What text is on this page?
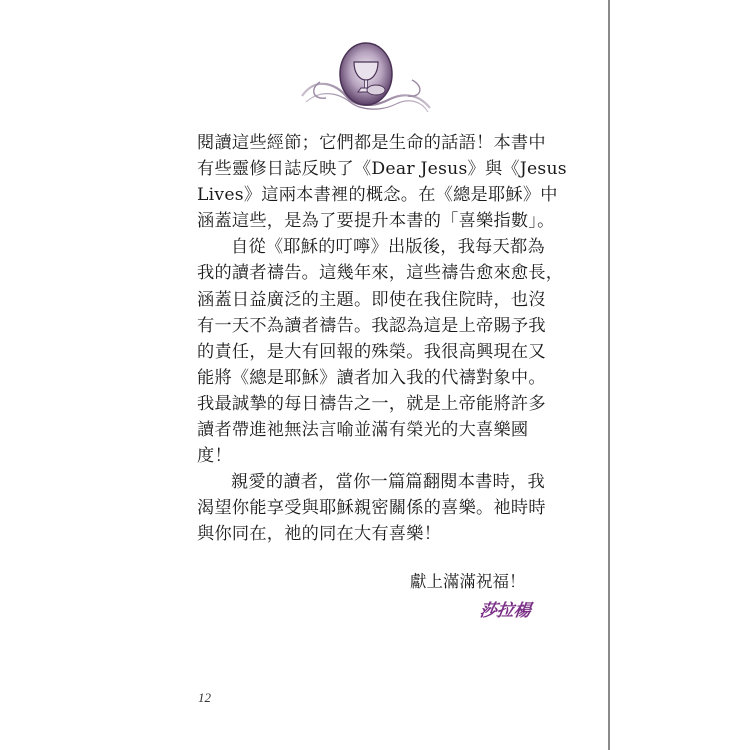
閱讀這些經節；它們都是生命的話語！本書中
有些靈修日誌反映了《Dear Jesus》與《Jesus
Lives》這兩本書裡的概念。在《總是耶穌》中
涵蓋這些，是為了要提升本書的「喜樂指數」。
自從《耶穌的叮嚀》出版後，我每天都為
我的讀者禱告。這幾年來，這些禱告愈來愈長，
涵蓋日益廣泛的主題。即使在我住院時，也沒
有一天不為讀者禱告。我認為這是上帝賜予我
的責任，是大有回報的殊榮。我很高興現在又
能將《總是耶穌》讀者加入我的代禱對象中。
我最誠摯的每日禱告之一，就是上帝能將許多
讀者帶進祂無法言喻並滿有榮光的大喜樂國
度！
親愛的讀者，當你一篇篇翻閱本書時，我
渴望你能享受與耶穌親密關係的喜樂。祂時時
與你同在，祂的同在大有喜樂！
獻上滿滿祝福！
莎拉楊
12
